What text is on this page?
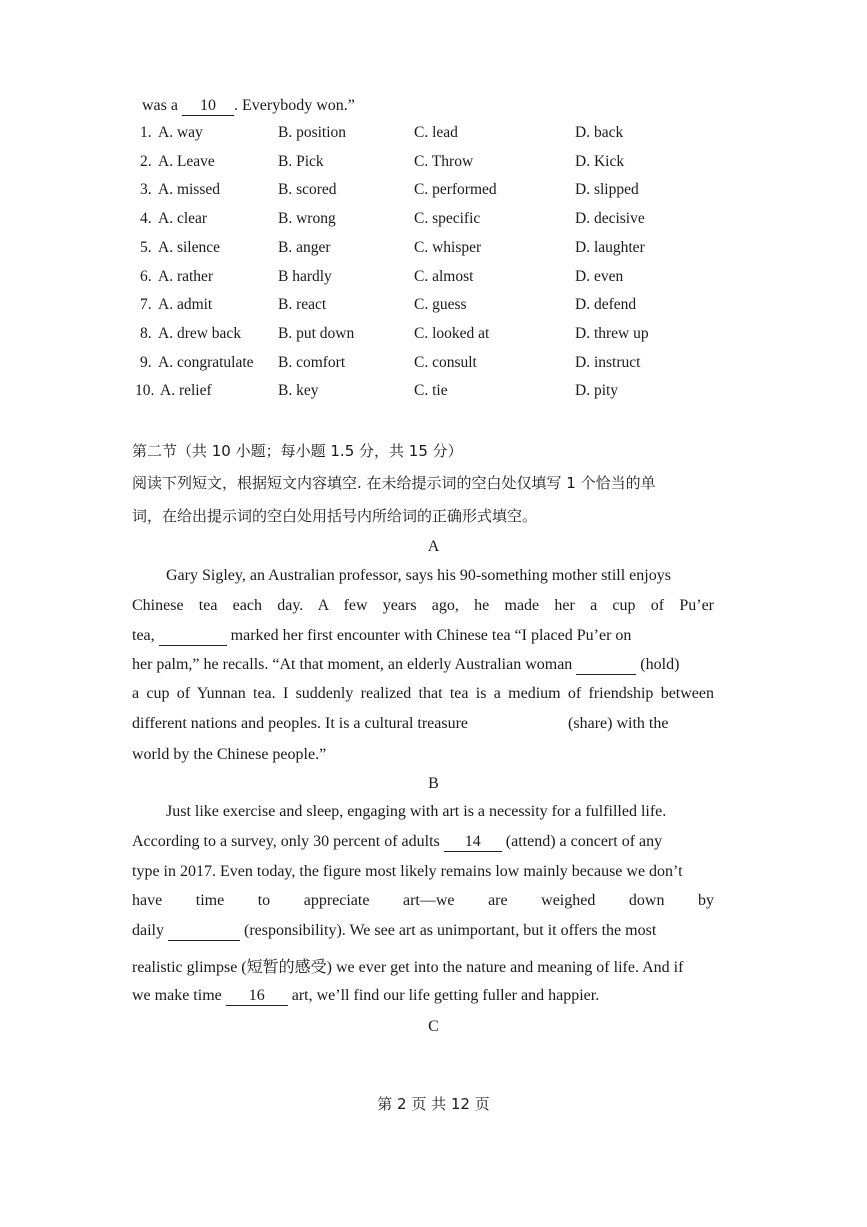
was a 10 . Everybody won.”
1. A. way	B. position	C. lead	D. back
2. A. Leave	B. Pick	C. Throw	D. Kick
3. A. missed	B. scored	C. performed	D. slipped
4. A. clear	B. wrong	C. specific	D. decisive
5. A. silence	B. anger	C. whisper	D. laughter
6. A. rather	B hardly	C. almost	D. even
7. A. admit	B. react	C. guess	D. defend
8. A. drew back B. put down	C. looked at	D. threw up
9. A. congratulate B. comfort	C. consult	D. instruct
10. A. relief	B. key	C. tie	D. pity
第二节（共 10 小题；每小题 1.5 分，共 15 分）
阅读下列短文，根据短文内容填空. 在未给提示词的空白处仅填写 1 个恰当的单
词，在给出提示词的空白处用括号内所给词的正确形式填空。
A
Gary Sigley, an Australian professor, says his 90-something mother still enjoys
Chinese tea each day. A few years ago, he made her a cup of Pu’er
tea,	marked her first encounter with Chinese tea “I placed Pu’er on
her palm,” he recalls. “At that moment, an elderly Australian woman	(hold)
a cup of Yunnan tea. I suddenly realized that tea is a medium of friendship between
different nations and peoples. It is a cultural treasure	(share) with the
world by the Chinese people.”
B
Just like exercise and sleep, engaging with art is a necessity for a fulfilled life.
According to a survey, only 30 percent of adults 14 (attend) a concert of any
type in 2017. Even today, the figure most likely remains low mainly because we don’t
have time to appreciate art—we are weighed down by
daily	(responsibility). We see art as unimportant, but it offers the most
realistic glimpse (短暂的感受) we ever get into the nature and meaning of life. And if
we make time 16 art, we’ll find our life getting fuller and happier.
C
第 2 页 共 12 页
